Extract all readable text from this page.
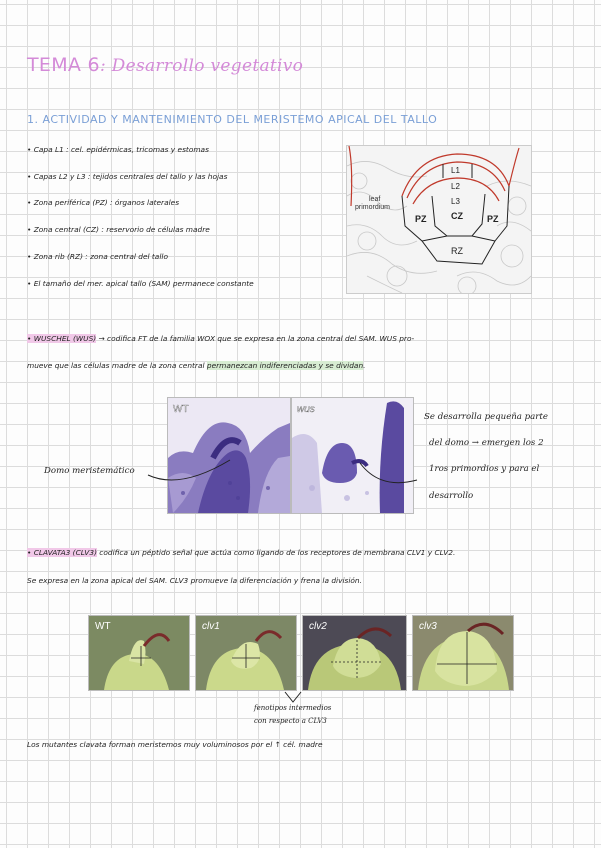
TEMA 6: Desarrollo vegetativo
1. ACTIVIDAD Y MANTENIMIENTO DEL MERISTEMO APICAL DEL TALLO
• Capa L1 : cel. epidérmicas, tricomas y estomas
• Capas L2 y L3 : tejidos centrales del tallo y las hojas
• Zona periférica (PZ) : órganos laterales
• Zona central (CZ) : reservorio de células madre
• Zona rib (RZ) : zona central del tallo
• El tamaño del mer. apical tallo (SAM) permanece constante
L1
L2
L3
PZ	CZ	PZ
RZ
leaf
primordium
• WUSCHEL (WUS) → codifica FT de la familia WOX que se expresa en la zona central del SAM. WUS pro-
mueve que las células madre de la zona central permanezcan indiferenciadas y se dividan.
WT	wus
Domo meristemático
Se desarrolla pequeña parte
del domo → emergen los 2
1ros primordios y para el
desarrollo
• CLAVATA3 (CLV3) codifica un péptido señal que actúa como ligando de los receptores de membrana CLV1 y CLV2.
Se expresa en la zona apical del SAM. CLV3 promueve la diferenciación y frena la división.
WT	clv1	clv2	clv3
fenotipos intermedios
con respecto a CLV3
Los mutantes clavata forman meristemos muy voluminosos por el ↑ cél. madre
